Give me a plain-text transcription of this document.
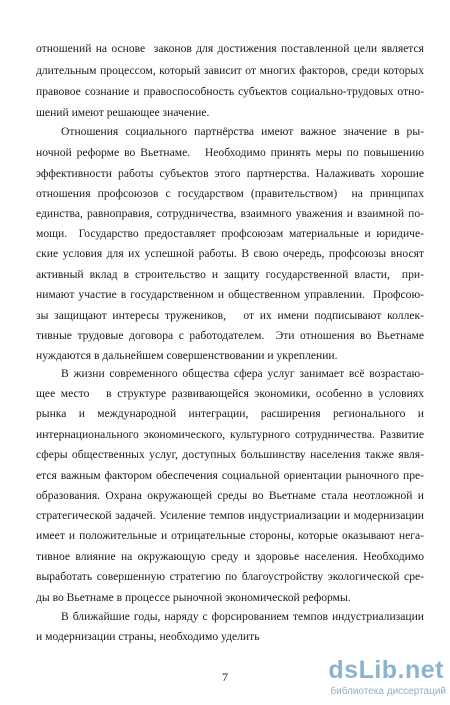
отношений на основе  законов для достижения поставленной цели является
длительным процессом, который зависит от многих факторов, среди которых
правовое сознание и правоспособность субъектов социально-трудовых отно-
шений имеют решающее значение.
Отношения социального партнёрства имеют важное значение в ры-
ночной реформе во Вьетнаме.   Необходимо принять меры по повышению
эффективности работы субъектов этого партнерства. Налаживать хорошие
отношения профсоюзов с государством (правительством)  на принципах
единства, равноправия, сотрудничества, взаимного уважения и взаимной по-
мощи.  Государство предоставляет профсоюзам материальные и юридиче-
ские условия для их успешной работы. В свою очередь, профсоюзы вносят
активный вклад в строительство и защиту государственной власти,  при-
нимают участие в государственном и общественном управлении.  Профсою-
зы защищают интересы тружеников,   от их имени подписывают коллек-
тивные трудовые договора с работодателем.  Эти отношения во Вьетнаме
нуждаются в дальнейшем совершенствовании и укреплении.
В жизни современного общества сфера услуг занимает всё возрастаю-
щее место   в структуре развивающейся экономики, особенно в условиях
рынка  и  международной  интеграции,  расширения  регионального  и
интернационального экономического, культурного сотрудничества. Развитие
сферы общественных услуг, доступных большинству населения также явля-
ется важным фактором обеспечения социальной ориентации рыночного пре-
образования. Охрана окружающей среды во Вьетнаме стала неотложной и
стратегической задачей. Усиление темпов индустриализации и модернизации
имеет и положительные и отрицательные стороны, которые оказывают нега-
тивное влияние на окружающую среду и здоровье населения. Необходимо
выработать совершенную стратегию по благоустройству экологической сре-
ды во Вьетнаме в процессе рыночной экономической реформы.
В ближайшие годы, наряду с форсированием темпов индустриализации
и модернизации страны, необходимо уделить
7	dsLib.net
библиотека диссертаций
